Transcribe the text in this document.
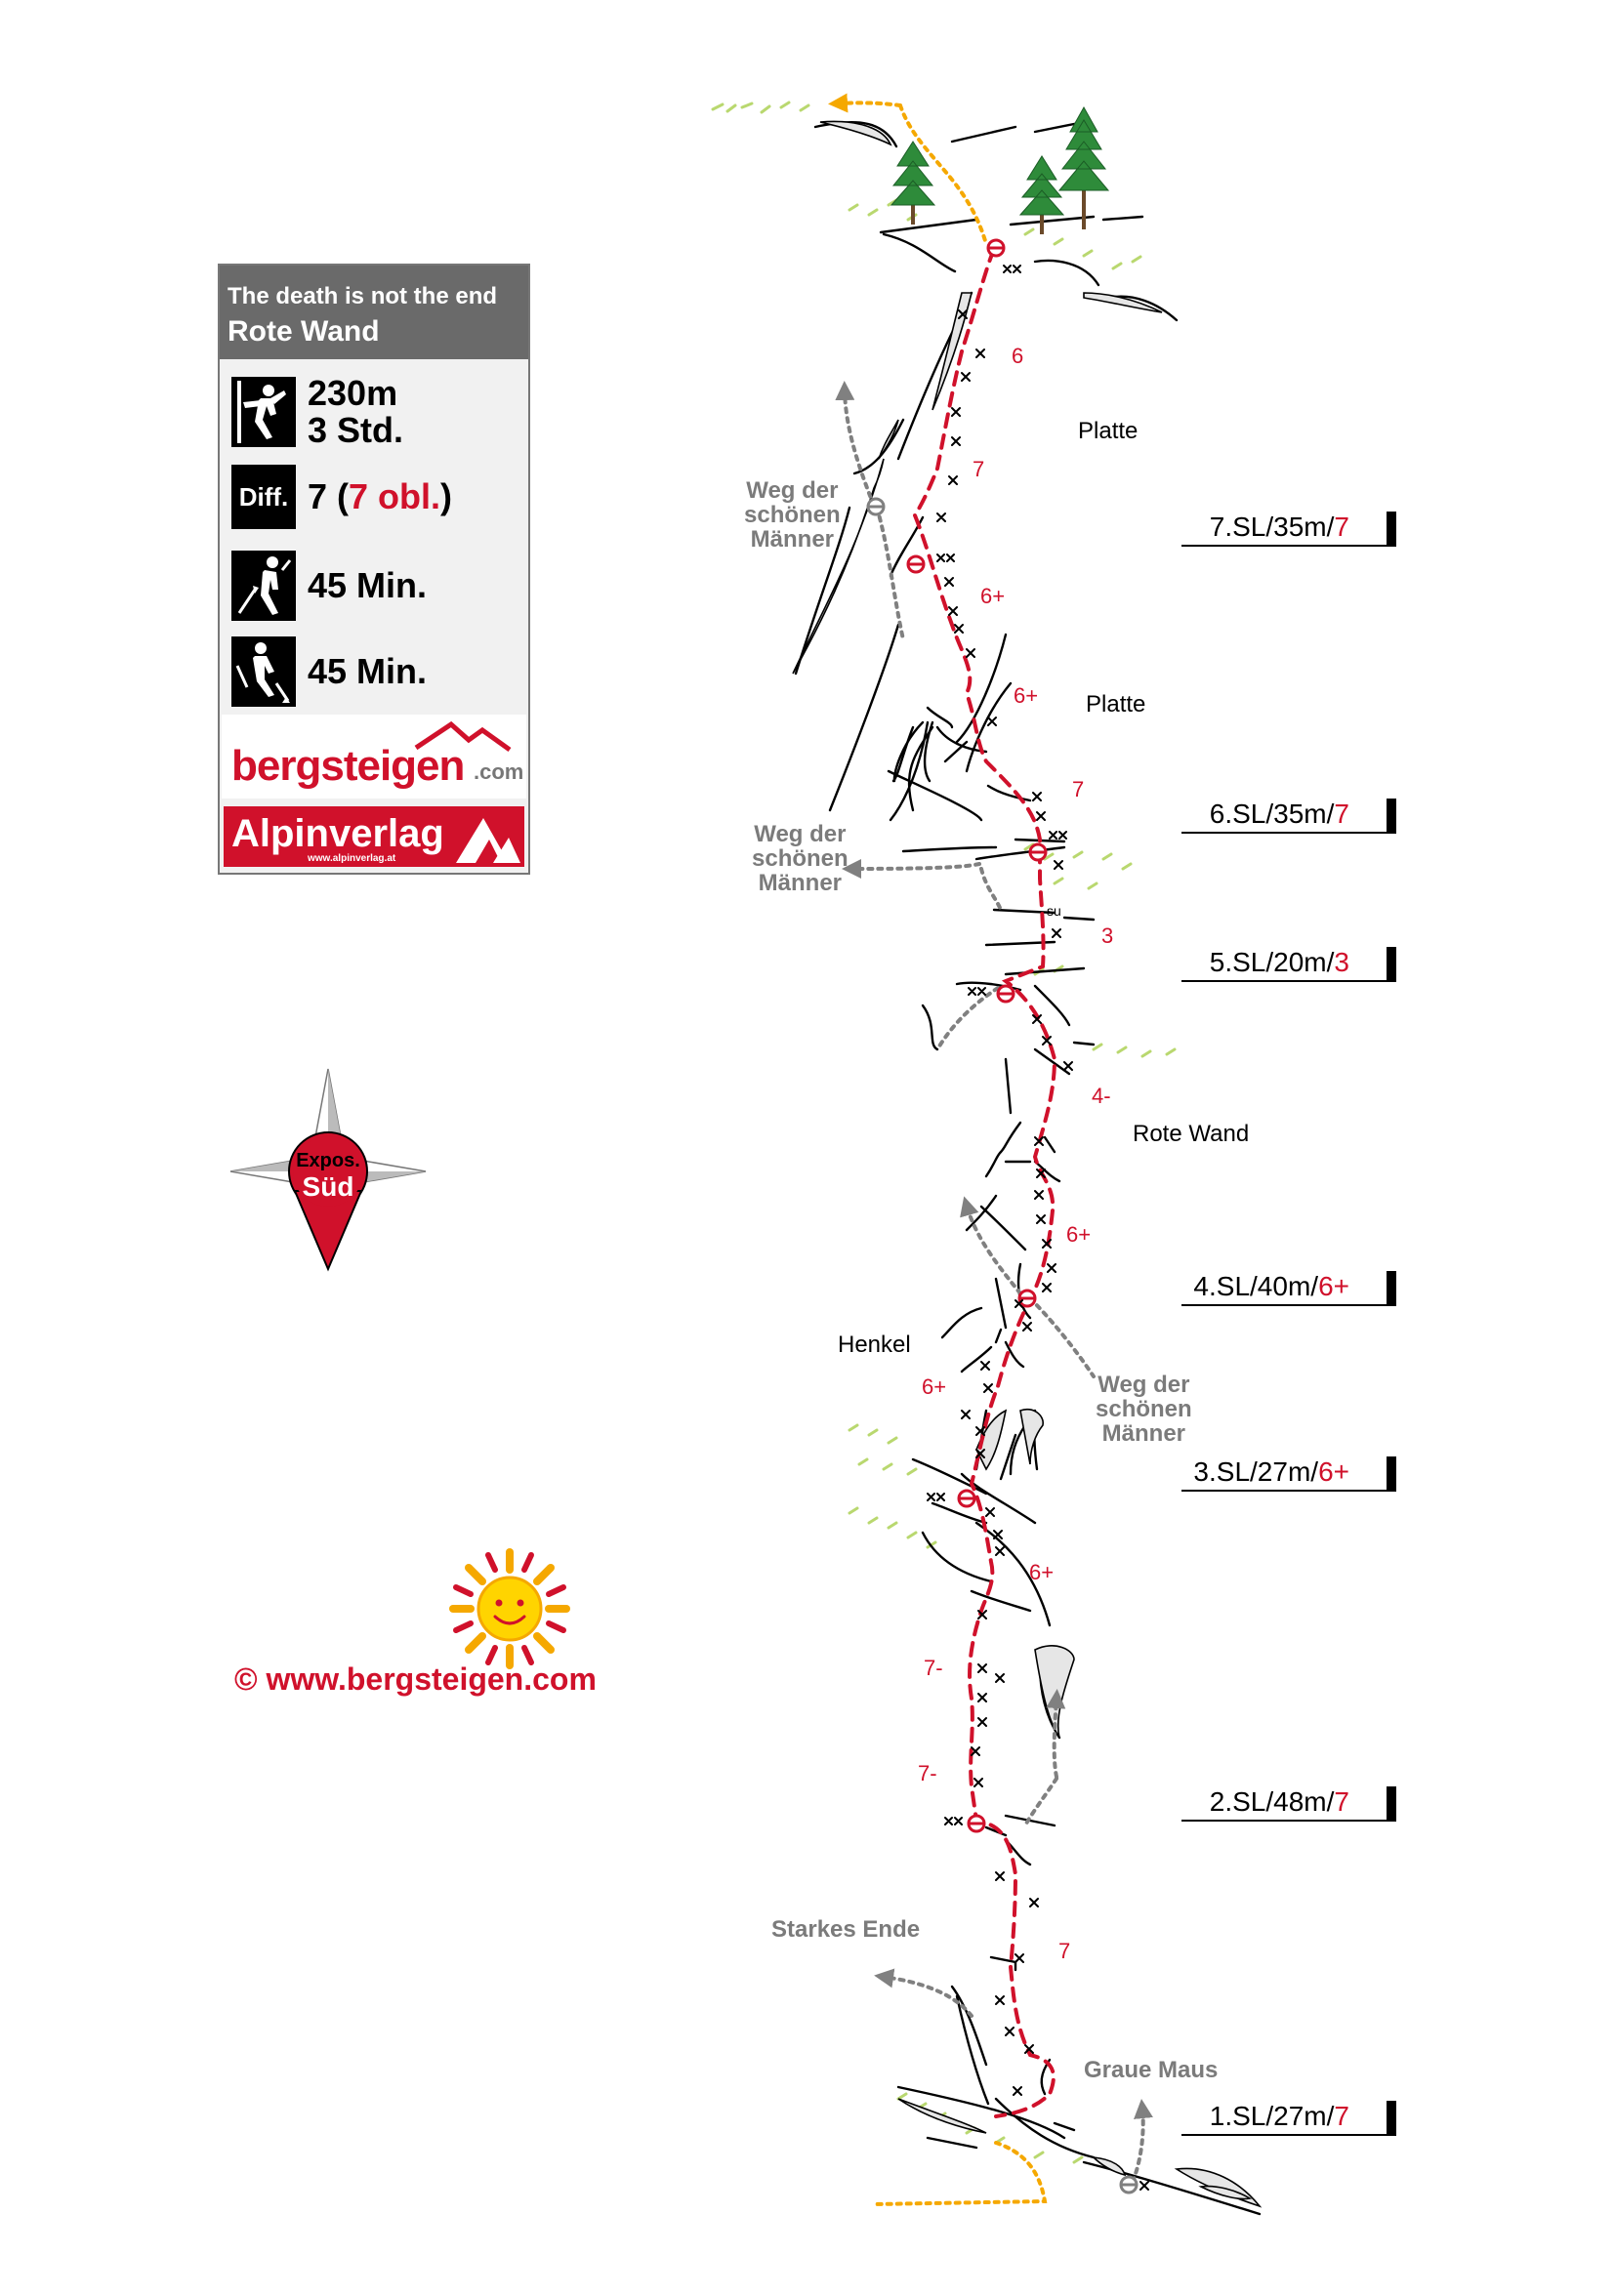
su
The death is not the end
Rote Wand
230m
3 Std.
Diff. 7 (7 obl.)
45 Min.
45 Min.
bergsteigen .com
Alpinverlag
www.alpinverlag.at
Expos.
Süd
© www.bergsteigen.com
7.SL/35m/7
6.SL/35m/7
5.SL/20m/3
4.SL/40m/6+
3.SL/27m/6+
2.SL/48m/7
1.SL/27m/7
Platte
Platte
Rote Wand
Henkel
Weg der
schönen
Männer
Weg der
schönen
Männer
Weg der
schönen
Männer
Starkes Ende
Graue Maus
6
7
6+
6+
7
3
4-
6+
6+
6+
7-
7-
7
